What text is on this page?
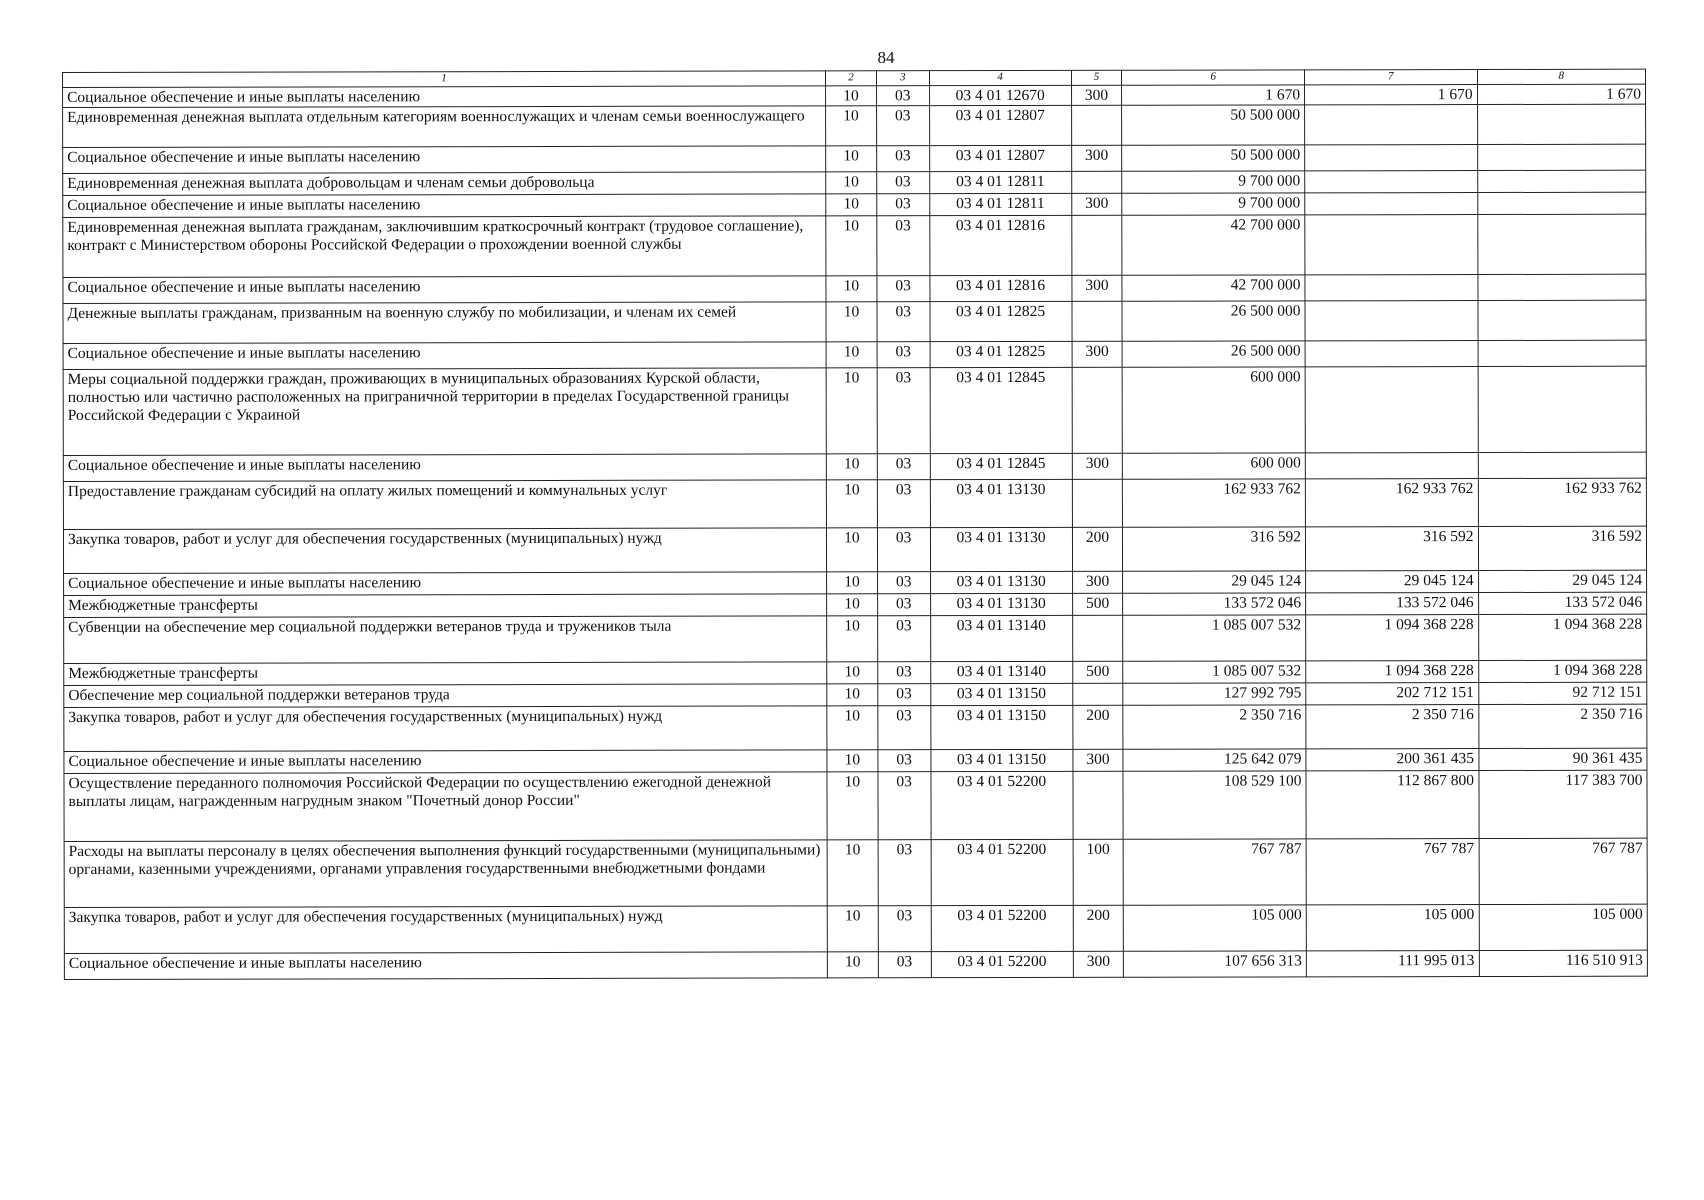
84
1	2	3	4	5	6	7	8
Социальное обеспечение и иные выплаты населению	10	03	03 4 01 12670	300	1 670	1 670	1 670
Единовременная денежная выплата отдельным категориям военнослужащих и членам семьи военнослужащего	10	03	03 4 01 12807		50 500 000		
Социальное обеспечение и иные выплаты населению	10	03	03 4 01 12807	300	50 500 000		
Единовременная денежная выплата добровольцам и членам семьи добровольца	10	03	03 4 01 12811		9 700 000		
Социальное обеспечение и иные выплаты населению	10	03	03 4 01 12811	300	9 700 000		
Единовременная денежная выплата гражданам, заключившим краткосрочный контракт (трудовое соглашение), контракт с Министерством обороны Российской Федерации о прохождении военной службы	10	03	03 4 01 12816		42 700 000		
Социальное обеспечение и иные выплаты населению	10	03	03 4 01 12816	300	42 700 000		
Денежные выплаты гражданам, призванным на военную службу по мобилизации, и членам их семей	10	03	03 4 01 12825		26 500 000		
Социальное обеспечение и иные выплаты населению	10	03	03 4 01 12825	300	26 500 000		
Меры социальной поддержки граждан, проживающих в муниципальных образованиях Курской области, полностью или частично расположенных на приграничной территории в пределах Государственной границы Российской Федерации с Украиной	10	03	03 4 01 12845		600 000		
Социальное обеспечение и иные выплаты населению	10	03	03 4 01 12845	300	600 000		
Предоставление гражданам субсидий на оплату жилых помещений и коммунальных услуг	10	03	03 4 01 13130		162 933 762	162 933 762	162 933 762
Закупка товаров, работ и услуг для обеспечения государственных (муниципальных) нужд	10	03	03 4 01 13130	200	316 592	316 592	316 592
Социальное обеспечение и иные выплаты населению	10	03	03 4 01 13130	300	29 045 124	29 045 124	29 045 124
Межбюджетные трансферты	10	03	03 4 01 13130	500	133 572 046	133 572 046	133 572 046
Субвенции на обеспечение мер социальной поддержки ветеранов труда и тружеников тыла	10	03	03 4 01 13140		1 085 007 532	1 094 368 228	1 094 368 228
Межбюджетные трансферты	10	03	03 4 01 13140	500	1 085 007 532	1 094 368 228	1 094 368 228
Обеспечение мер социальной поддержки ветеранов труда	10	03	03 4 01 13150		127 992 795	202 712 151	92 712 151
Закупка товаров, работ и услуг для обеспечения государственных (муниципальных) нужд	10	03	03 4 01 13150	200	2 350 716	2 350 716	2 350 716
Социальное обеспечение и иные выплаты населению	10	03	03 4 01 13150	300	125 642 079	200 361 435	90 361 435
Осуществление переданного полномочия Российской Федерации по осуществлению ежегодной денежной выплаты лицам, награжденным нагрудным знаком "Почетный донор России"	10	03	03 4 01 52200		108 529 100	112 867 800	117 383 700
Расходы на выплаты персоналу в целях обеспечения выполнения функций государственными (муниципальными) органами, казенными учреждениями, органами управления государственными внебюджетными фондами	10	03	03 4 01 52200	100	767 787	767 787	767 787
Закупка товаров, работ и услуг для обеспечения государственных (муниципальных) нужд	10	03	03 4 01 52200	200	105 000	105 000	105 000
Социальное обеспечение и иные выплаты населению	10	03	03 4 01 52200	300	107 656 313	111 995 013	116 510 913
